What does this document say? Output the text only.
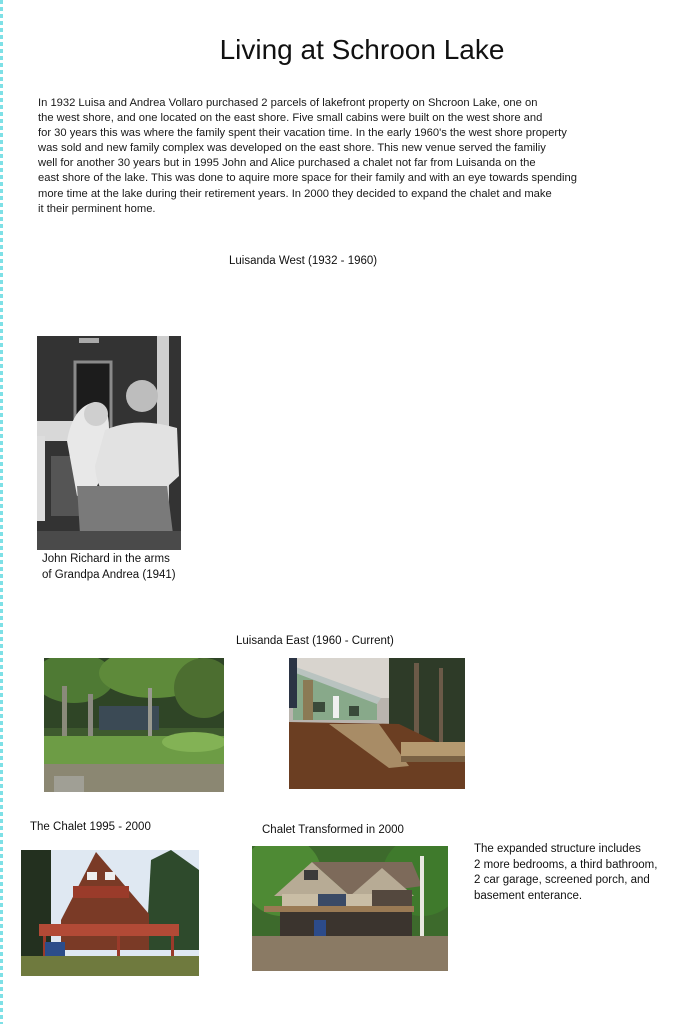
Living at Schroon Lake
In 1932 Luisa and Andrea Vollaro purchased 2 parcels of lakefront property on Shcroon Lake, one on
the west shore, and one located on the east shore. Five small cabins were built on the west shore and
for 30 years this was where the family spent their vacation time. In the early 1960's the west shore property
was sold and new family complex was developed on the east shore. This new venue served the familiy
well for another 30 years but in 1995 John and Alice purchased a chalet not far from Luisanda on the
east shore of the lake. This was done to aquire more space for their family and with an eye towards spending
more time at the lake during their retirement years. In 2000 they decided to expand the chalet and make
it their perminent home.
Luisanda West (1932 - 1960)
John Richard in the arms
of Grandpa Andrea (1941)
Luisanda East (1960 - Current)
The Chalet 1995 - 2000	Chalet Transformed in 2000
The expanded structure includes
2 more bedrooms, a third bathroom,
2 car garage, screened porch, and
basement enterance.
